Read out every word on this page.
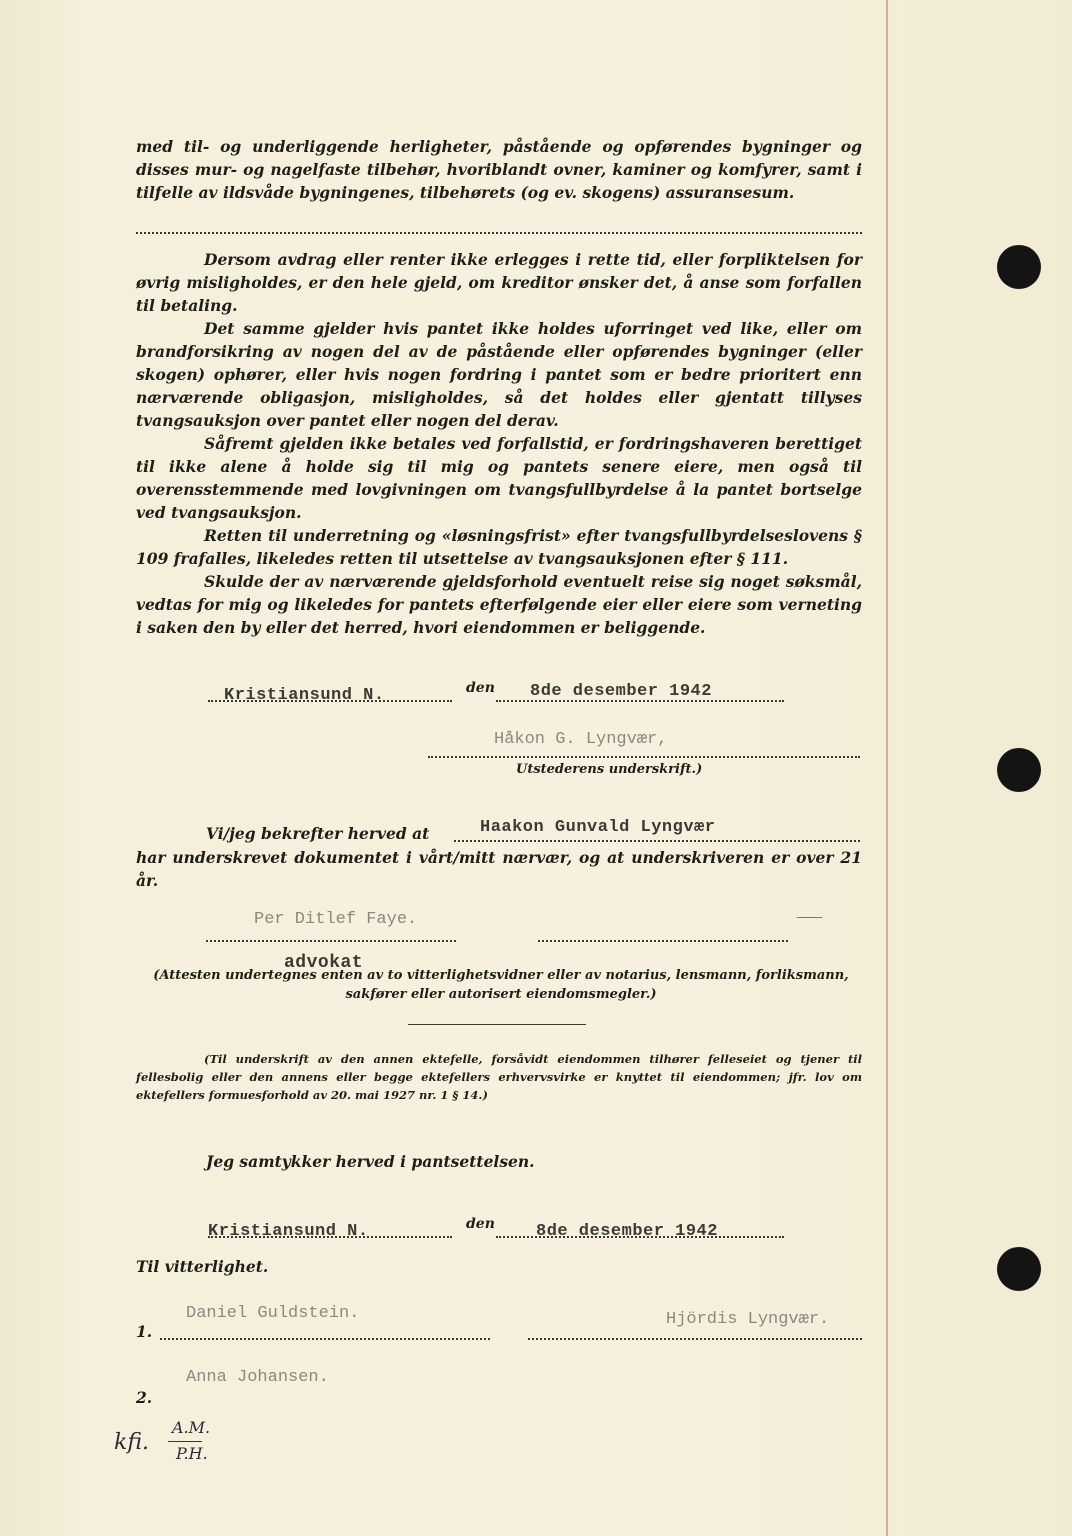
med til- og underliggende herligheter, påstående og opførendes bygninger og disses mur- og nagelfaste tilbehør, hvoriblandt ovner, kaminer og komfyrer, samt i tilfelle av ildsvåde bygningenes, tilbehørets (og ev. skogens) assuransesum.

Dersom avdrag eller renter ikke erlegges i rette tid, eller forpliktelsen for øvrig misligholdes, er den hele gjeld, om kreditor ønsker det, å anse som forfallen til betaling.

Det samme gjelder hvis pantet ikke holdes uforringet ved like, eller om brandforsikring av nogen del av de påstående eller opførendes bygninger (eller skogen) ophører, eller hvis nogen fordring i pantet som er bedre prioritert enn nærværende obligasjon, misligholdes, så det holdes eller gjentatt tillyses tvangsauksjon over pantet eller nogen del derav.

Såfremt gjelden ikke betales ved forfallstid, er fordringshaveren berettiget til ikke alene å holde sig til mig og pantets senere eiere, men også til overensstemmende med lovgivningen om tvangsfullbyrdelse å la pantet bortselge ved tvangsauksjon.

Retten til underretning og «løsningsfrist» efter tvangsfullbyrdelseslovens § 109 frafalles, likeledes retten til utsettelse av tvangsauksjonen efter § 111.

Skulde der av nærværende gjeldsforhold eventuelt reise sig noget søksmål, vedtas for mig og likeledes for pantets efterfølgende eier eller eiere som verneting i saken den by eller det herred, hvori eiendommen er beliggende.

Kristiansund N.	den 8de desember 1942
Håkon G. Lyngvær,
Utstederens underskrift.)
Vi/jeg bekrefter herved at	Haakon Gunvald Lyngvær

har underskrevet dokumentet i vårt/mitt nærvær, og at underskriveren er over 21 år.

Per Ditlef Faye.	⸺
advokat

(Attesten undertegnes enten av to vitterlighetsvidner eller av notarius, lensmann, forliksmann, sakfører eller autorisert eiendomsmegler.)

(Til underskrift av den annen ektefelle, forsåvidt eiendommen tilhører felleseiet og tjener til fellesbolig eller den annens eller begge ektefellers erhvervsvirke er knyttet til eiendommen; jfr. lov om ektefellers formuesforhold av 20. mai 1927 nr. 1 § 14.)

Jeg samtykker herved i pantsettelsen.
Kristiansund N.	den 8de desember 1942
Til vitterlighet.
Daniel Guldstein.
1.
Hjördis Lyngvær.
Anna Johansen.
2.
kfi.
A.M.
P.H.
